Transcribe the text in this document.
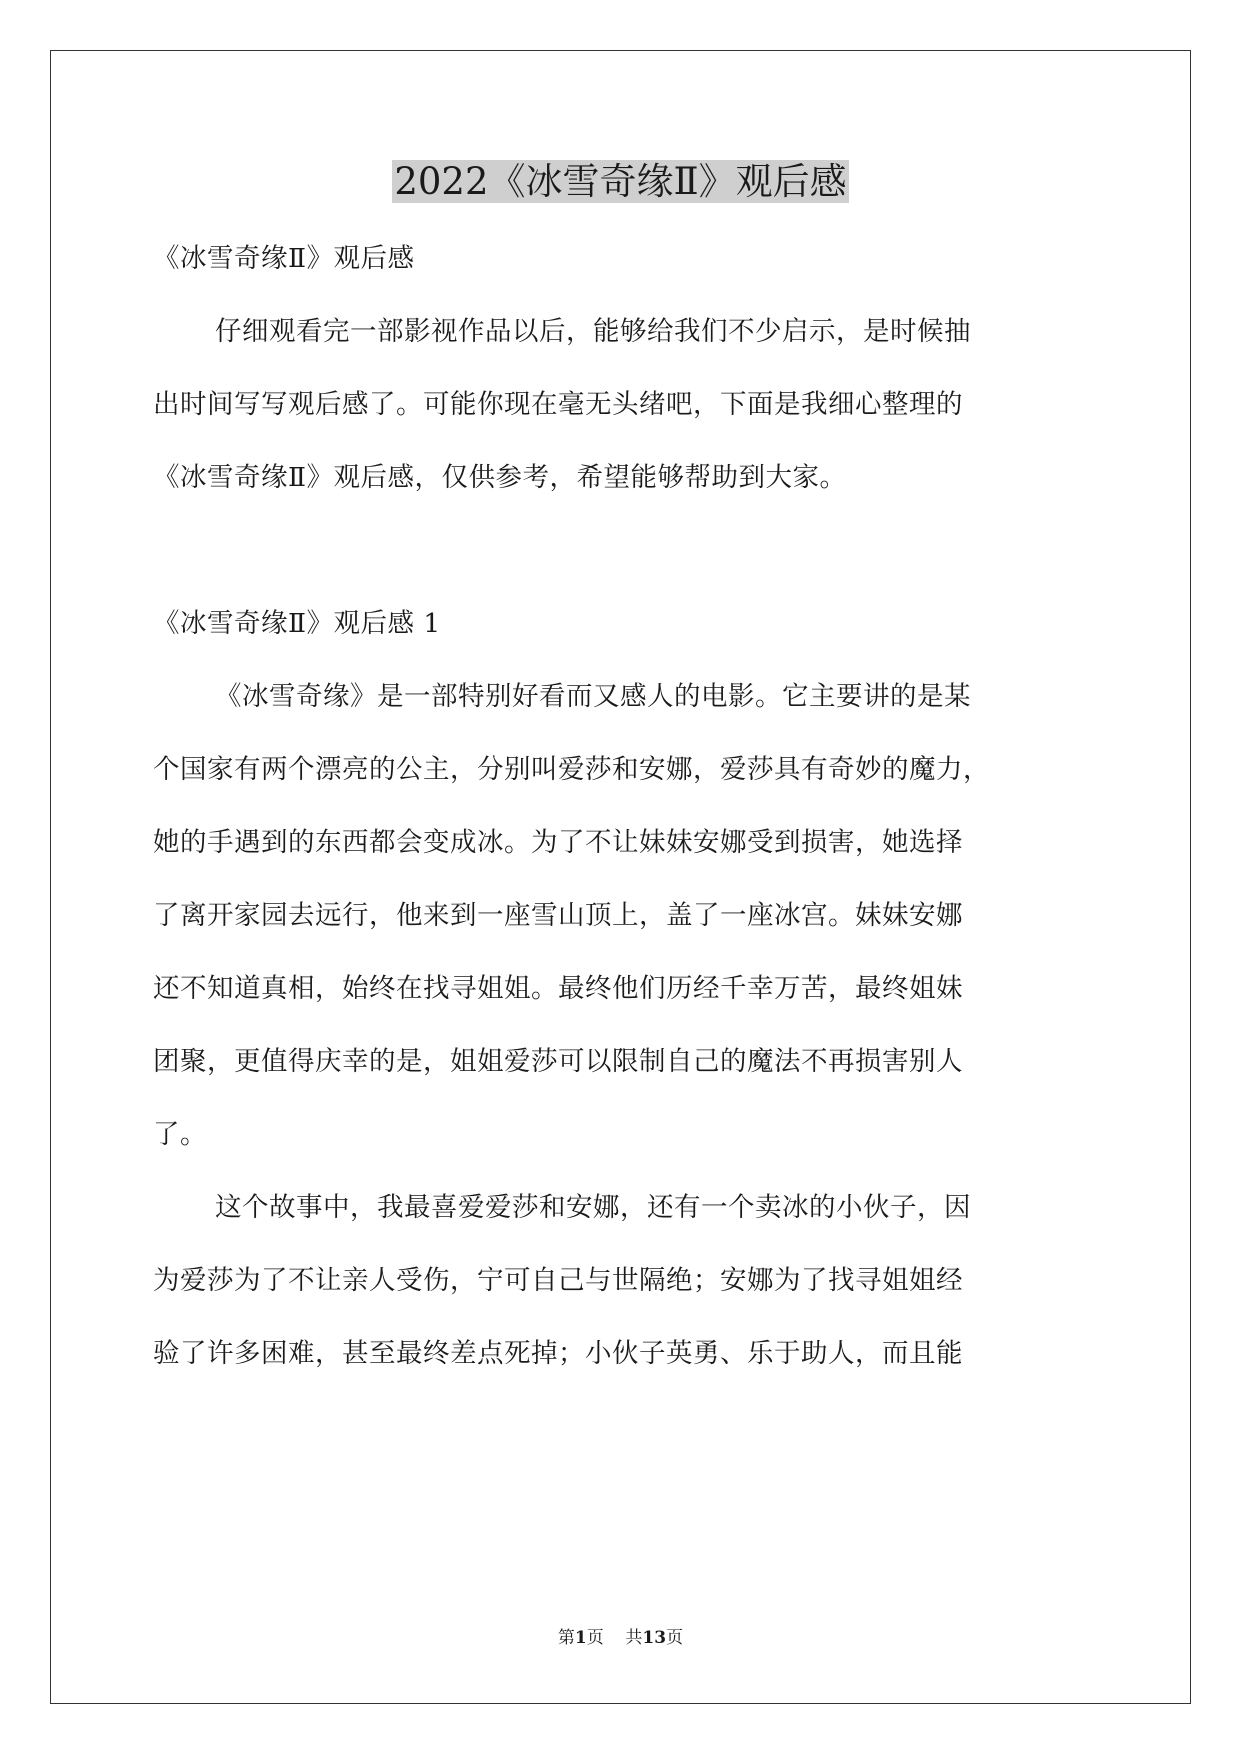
2022《冰雪奇缘Ⅱ》观后感
《冰雪奇缘Ⅱ》观后感
仔细观看完一部影视作品以后，能够给我们不少启示，是时候抽
出时间写写观后感了。可能你现在毫无头绪吧，下面是我细心整理的
《冰雪奇缘Ⅱ》观后感，仅供参考，希望能够帮助到大家。
《冰雪奇缘Ⅱ》观后感 1
《冰雪奇缘》是一部特别好看而又感人的电影。它主要讲的是某
个国家有两个漂亮的公主，分别叫爱莎和安娜，爱莎具有奇妙的魔力，
她的手遇到的东西都会变成冰。为了不让妹妹安娜受到损害，她选择
了离开家园去远行，他来到一座雪山顶上，盖了一座冰宫。妹妹安娜
还不知道真相，始终在找寻姐姐。最终他们历经千幸万苦，最终姐妹
团聚，更值得庆幸的是，姐姐爱莎可以限制自己的魔法不再损害别人
了。
这个故事中，我最喜爱爱莎和安娜，还有一个卖冰的小伙子，因
为爱莎为了不让亲人受伤，宁可自己与世隔绝；安娜为了找寻姐姐经
验了许多困难，甚至最终差点死掉；小伙子英勇、乐于助人，而且能
第1页 共13页
